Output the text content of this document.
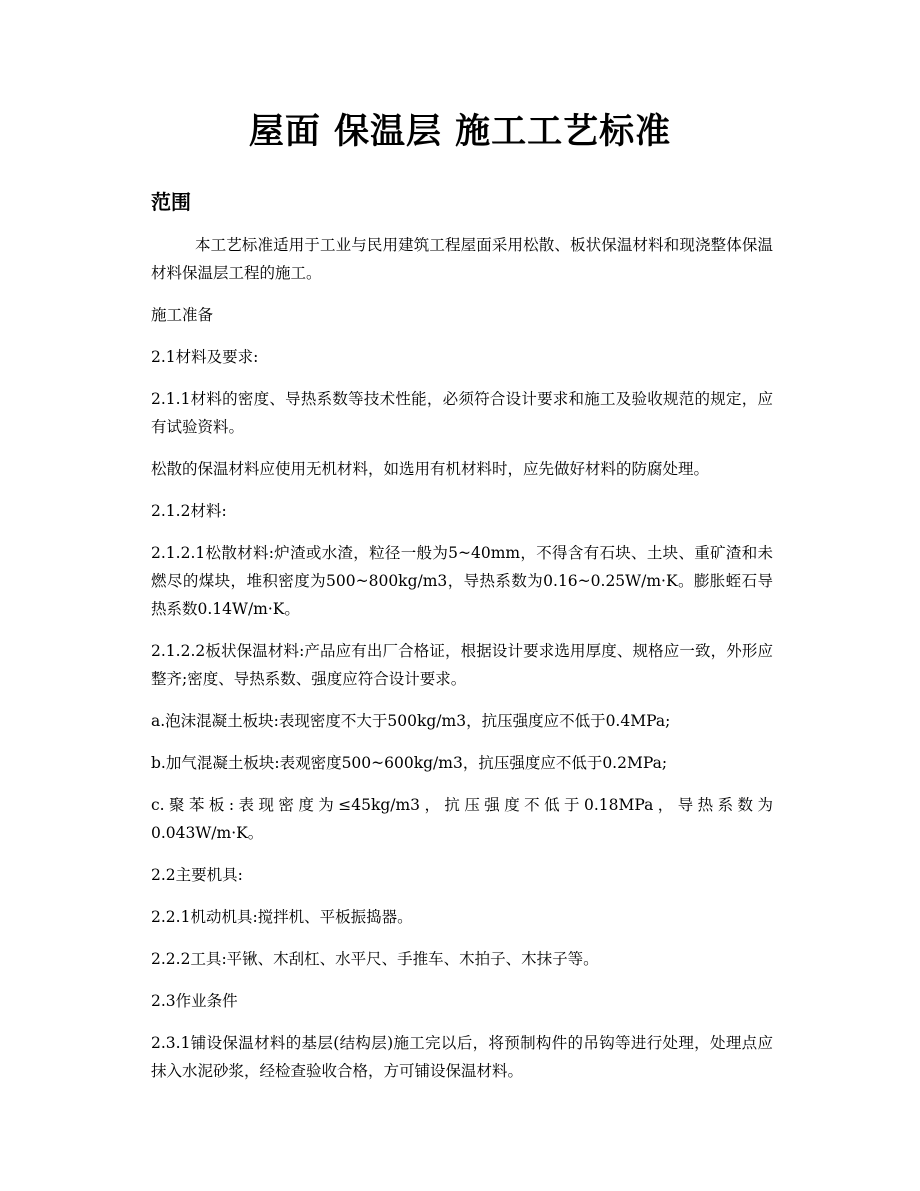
屋面 保温层 施工工艺标准
范围

本工艺标准适用于工业与民用建筑工程屋面采用松散、板状保温材料和现浇整体保温材料保温层工程的施工。

施工准备

2.1材料及要求:

2.1.1材料的密度、导热系数等技术性能，必须符合设计要求和施工及验收规范的规定，应有试验资料。

松散的保温材料应使用无机材料，如选用有机材料时，应先做好材料的防腐处理。

2.1.2材料:

2.1.2.1松散材料:炉渣或水渣，粒径一般为5~40mm，不得含有石块、土块、重矿渣和未燃尽的煤块，堆积密度为500~800kg/m3，导热系数为0.16~0.25W/m·K。膨胀蛭石导热系数0.14W/m·K。

2.1.2.2板状保温材料:产品应有出厂合格证，根据设计要求选用厚度、规格应一致，外形应整齐;密度、导热系数、强度应符合设计要求。

a.泡沫混凝土板块:表现密度不大于500kg/m3，抗压强度应不低于0.4MPa;

b.加气混凝土板块:表观密度500~600kg/m3，抗压强度应不低于0.2MPa;

c.聚苯板:表现密度为≤45kg/m3，抗压强度不低于0.18MPa，导热系数为0.043W/m·K。

2.2主要机具:

2.2.1机动机具:搅拌机、平板振捣器。

2.2.2工具:平锹、木刮杠、水平尺、手推车、木拍子、木抹子等。

2.3作业条件

2.3.1铺设保温材料的基层(结构层)施工完以后，将预制构件的吊钩等进行处理，处理点应抹入水泥砂浆，经检查验收合格，方可铺设保温材料。
